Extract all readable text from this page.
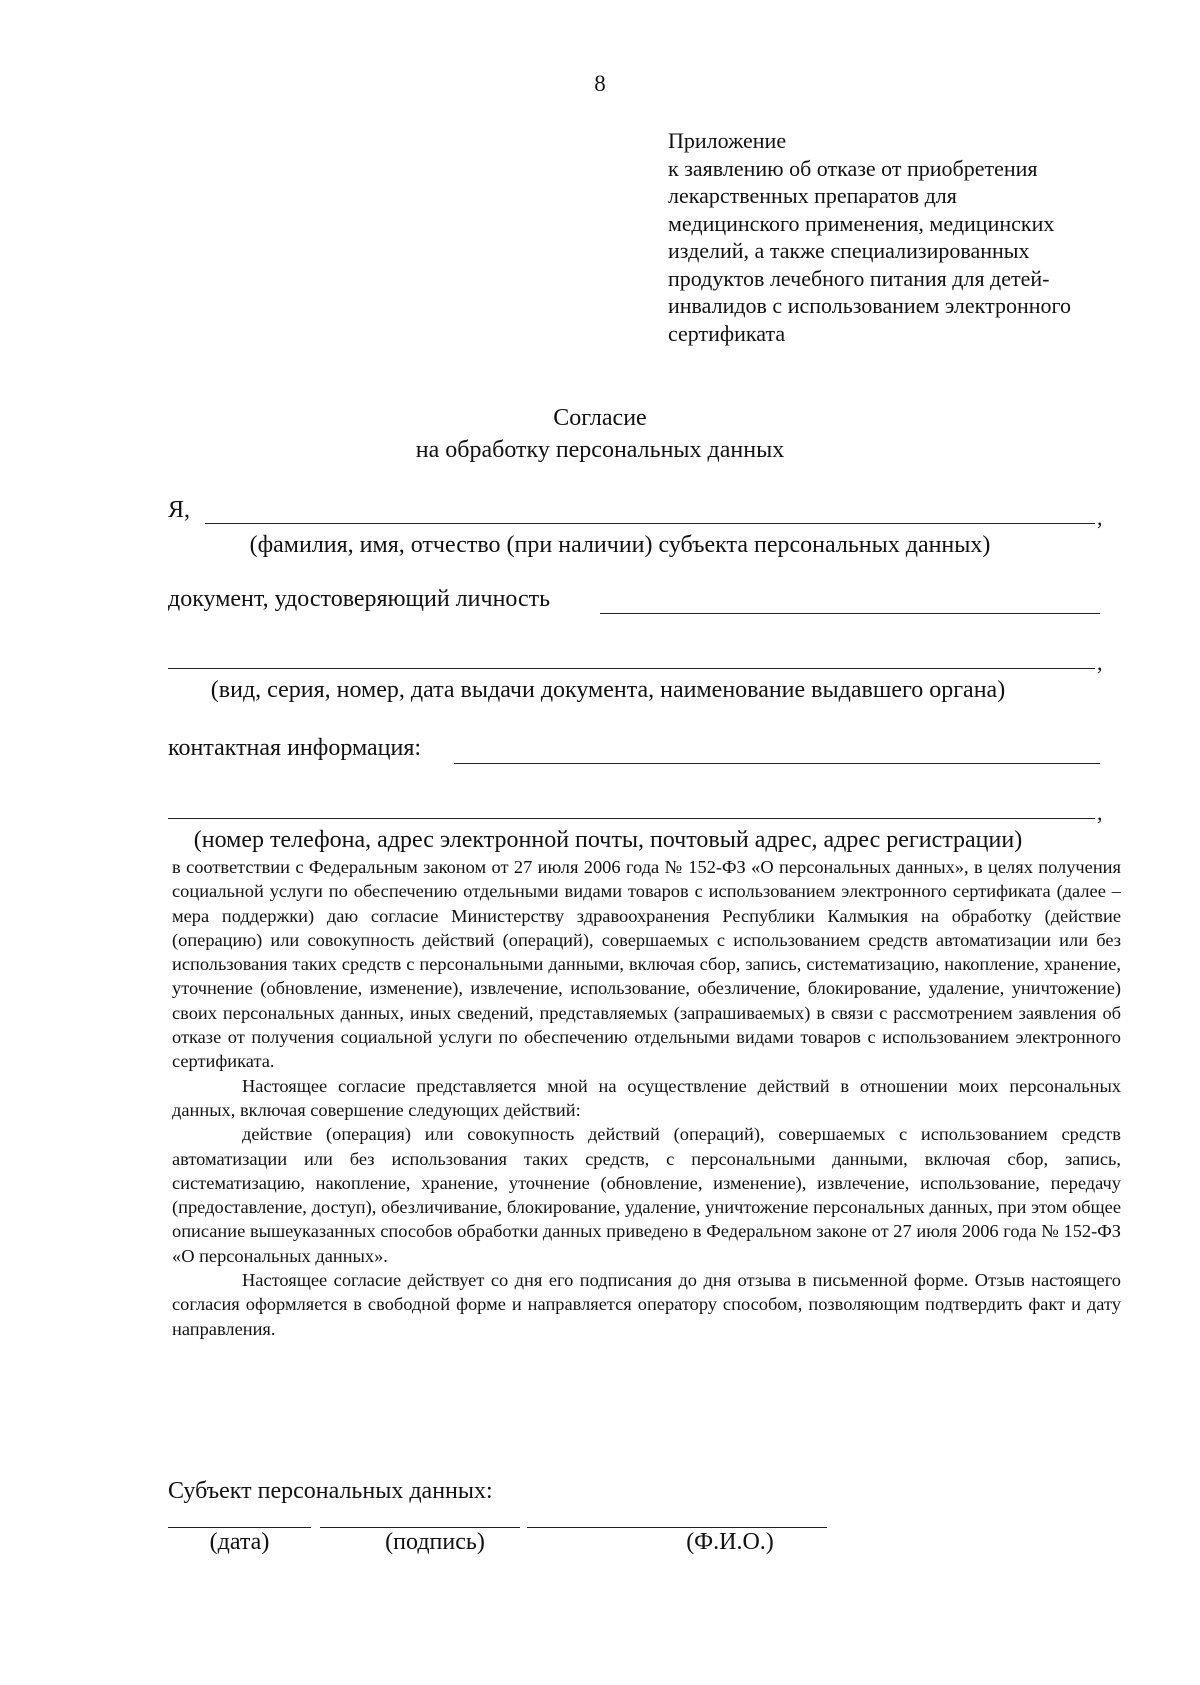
8
Приложение
к заявлению об отказе от приобретения
лекарственных препаратов для
медицинского применения, медицинских
изделий, а также специализированных
продуктов лечебного питания для детей-
инвалидов с использованием электронного
сертификата
Согласие
на обработку персональных данных
Я,	,
(фамилия, имя, отчество (при наличии) субъекта персональных данных)
документ, удостоверяющий личность
,
(вид, серия, номер, дата выдачи документа, наименование выдавшего органа)
контактная информация:
,
(номер телефона, адрес электронной почты, почтовый адрес, адрес регистрации)

в соответствии с Федеральным законом от 27 июля 2006 года № 152-ФЗ «О персональных данных», в целях получения социальной услуги по обеспечению отдельными видами товаров с использованием электронного сертификата (далее – мера поддержки) даю согласие Министерству здравоохранения Республики Калмыкия на обработку (действие (операцию) или совокупность действий (операций), совершаемых с использованием средств автоматизации или без использования таких средств с персональными данными, включая сбор, запись, систематизацию, накопление, хранение, уточнение (обновление, изменение), извлечение, использование, обезличение, блокирование, удаление, уничтожение) своих персональных данных, иных сведений, представляемых (запрашиваемых) в связи с рассмотрением заявления об отказе от получения социальной услуги по обеспечению отдельными видами товаров с использованием электронного сертификата.

Настоящее согласие представляется мной на осуществление действий в отношении моих персональных данных, включая совершение следующих действий:

действие (операция) или совокупность действий (операций), совершаемых с использованием средств автоматизации или без использования таких средств, с персональными данными, включая сбор, запись, систематизацию, накопление, хранение, уточнение (обновление, изменение), извлечение, использование, передачу (предоставление, доступ), обезличивание, блокирование, удаление, уничтожение персональных данных, при этом общее описание вышеуказанных способов обработки данных приведено в Федеральном законе от 27 июля 2006 года № 152-ФЗ «О персональных данных».

Настоящее согласие действует со дня его подписания до дня отзыва в письменной форме. Отзыв настоящего согласия оформляется в свободной форме и направляется оператору способом, позволяющим подтвердить факт и дату направления.

Субъект персональных данных:
(дата)	(подпись)	(Ф.И.О.)
